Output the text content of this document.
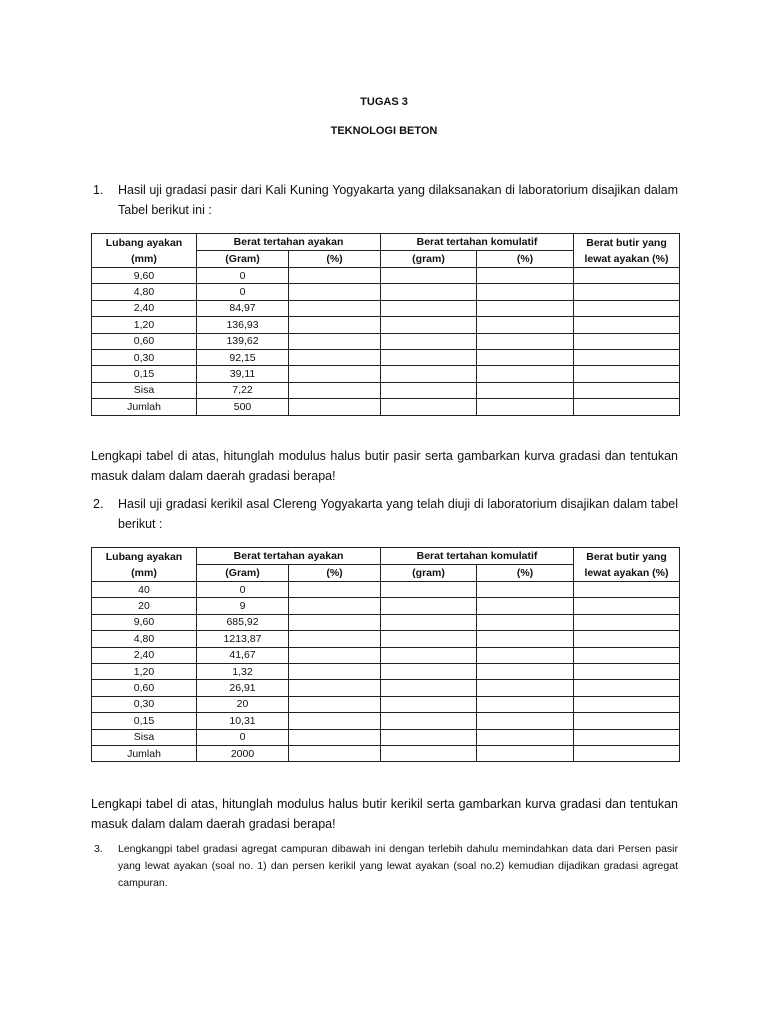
TUGAS 3
TEKNOLOGI BETON
1. Hasil uji gradasi pasir dari Kali Kuning Yogyakarta yang dilaksanakan di laboratorium disajikan dalam Tabel berikut ini :
Lubang ayakan (mm)	Berat tertahan ayakan		Berat tertahan komulatif		Berat butir yang lewat ayakan (%)
	(Gram)	(%)	(gram)	(%)	
9,60	0				
4,80	0				
2,40	84,97				
1,20	136,93				
0,60	139,62				
0,30	92,15				
0,15	39,11				
Sisa	7,22				
Jumlah	500				
Lengkapi tabel di atas, hitunglah modulus halus butir pasir serta gambarkan kurva gradasi dan tentukan masuk dalam dalam daerah gradasi berapa!
2. Hasil uji gradasi kerikil asal Clereng Yogyakarta yang telah diuji di laboratorium disajikan dalam tabel berikut :
Lubang ayakan (mm)	Berat tertahan ayakan		Berat tertahan komulatif		Berat butir yang lewat ayakan (%)
	(Gram)	(%)	(gram)	(%)	
40	0				
20	9				
9,60	685,92				
4,80	1213,87				
2,40	41,67				
1,20	1,32				
0,60	26,91				
0,30	20				
0,15	10,31				
Sisa	0				
Jumlah	2000				
Lengkapi tabel di atas, hitunglah modulus halus butir kerikil serta gambarkan kurva gradasi dan tentukan masuk dalam dalam daerah gradasi berapa!
3. Lengkangpi tabel gradasi agregat campuran dibawah ini dengan terlebih dahulu memindahkan data dari Persen pasir yang lewat ayakan (soal no. 1) dan persen kerikil yang lewat ayakan (soal no.2) kemudian dijadikan gradasi agregat campuran.
